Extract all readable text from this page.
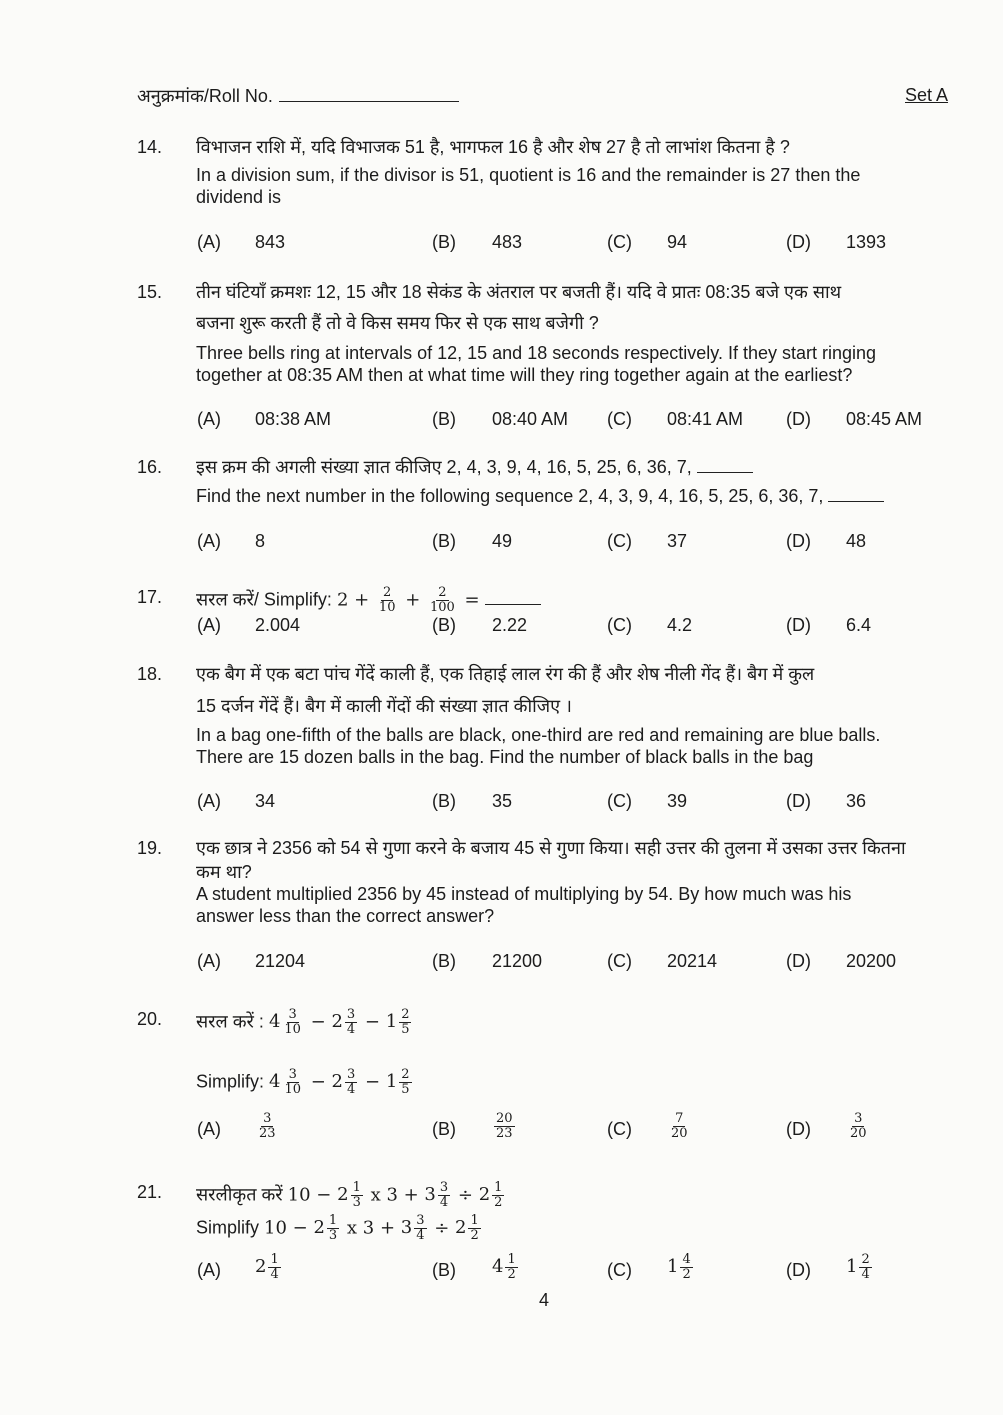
अनुक्रमांक/Roll No.	Set A
4
14. विभाजन राशि में, यदि विभाजक 51 है, भागफल 16 है और शेष 27 है तो लाभांश कितना है ?
In a division sum, if the divisor is 51, quotient is 16 and the remainder is 27 then the
dividend is
(A) 843	(B) 483	(C) 94	(D) 1393
15. तीन घंटियाँ क्रमशः 12, 15 और 18 सेकंड के अंतराल पर बजती हैं। यदि वे प्रातः 08:35 बजे एक साथ
बजना शुरू करती हैं तो वे किस समय फिर से एक साथ बजेगी ?
Three bells ring at intervals of 12, 15 and 18 seconds respectively. If they start ringing
together at 08:35 AM then at what time will they ring together again at the earliest?
(A) 08:38 AM	(B) 08:40 AM (C) 08:41 AM (D) 08:45 AM
16. इस क्रम की अगली संख्या ज्ञात कीजिए 2, 4, 3, 9, 4, 16, 5, 25, 6, 36, 7,
Find the next number in the following sequence 2, 4, 3, 9, 4, 16, 5, 25, 6, 36, 7,
(A) 8	(B) 49	(C) 37	(D) 48
17. सरल करें/ Simplify: $2 + \frac{2}{10} + \frac{2}{100}$ =
(A) 2.004	(B) 2.22	(C) 4.2	(D) 6.4
18. एक बैग में एक बटा पांच गेंदें काली हैं, एक तिहाई लाल रंग की हैं और शेष नीली गेंद हैं। बैग में कुल
15 दर्जन गेंदें हैं। बैग में काली गेंदों की संख्या ज्ञात कीजिए ।
In a bag one-fifth of the balls are black, one-third are red and remaining are blue balls.
There are 15 dozen balls in the bag. Find the number of black balls in the bag
(A) 34	(B) 35	(C) 39	(D) 36
19. एक छात्र ने 2356 को 54 से गुणा करने के बजाय 45 से गुणा किया। सही उत्तर की तुलना में उसका उत्तर कितना
कम था?
A student multiplied 2356 by 45 instead of multiplying by 54. By how much was his
answer less than the correct answer?
(A) 21204	(B) 21200	(C) 20214	(D) 20200
20. सरल करें : $4 \frac{3}{10} - 2 \frac{3}{4} - 1 \frac{2}{5}$
Simplify: $4 \frac{3}{10} - 2 \frac{3}{4} - 1 \frac{2}{5}$
(A)	$\frac{3}{23}$	(B)	$\frac{20}{23}$	(C)	$\frac{7}{20}$	(D)	$\frac{3}{20}$
21. सरलीकृत करें $10 - 2 \frac{1}{3}$ x $3 + 3 \frac{3}{4} \div 2 \frac{1}{2}$
Simplify $10 - 2 \frac{1}{3}$ x $3 + 3 \frac{3}{4} \div 2 \frac{1}{2}$
(A) $2 \frac{1}{4}$	(B) $4 \frac{1}{2}$	(C) $1 \frac{4}{2}$	(D) $1 \frac{2}{4}$
